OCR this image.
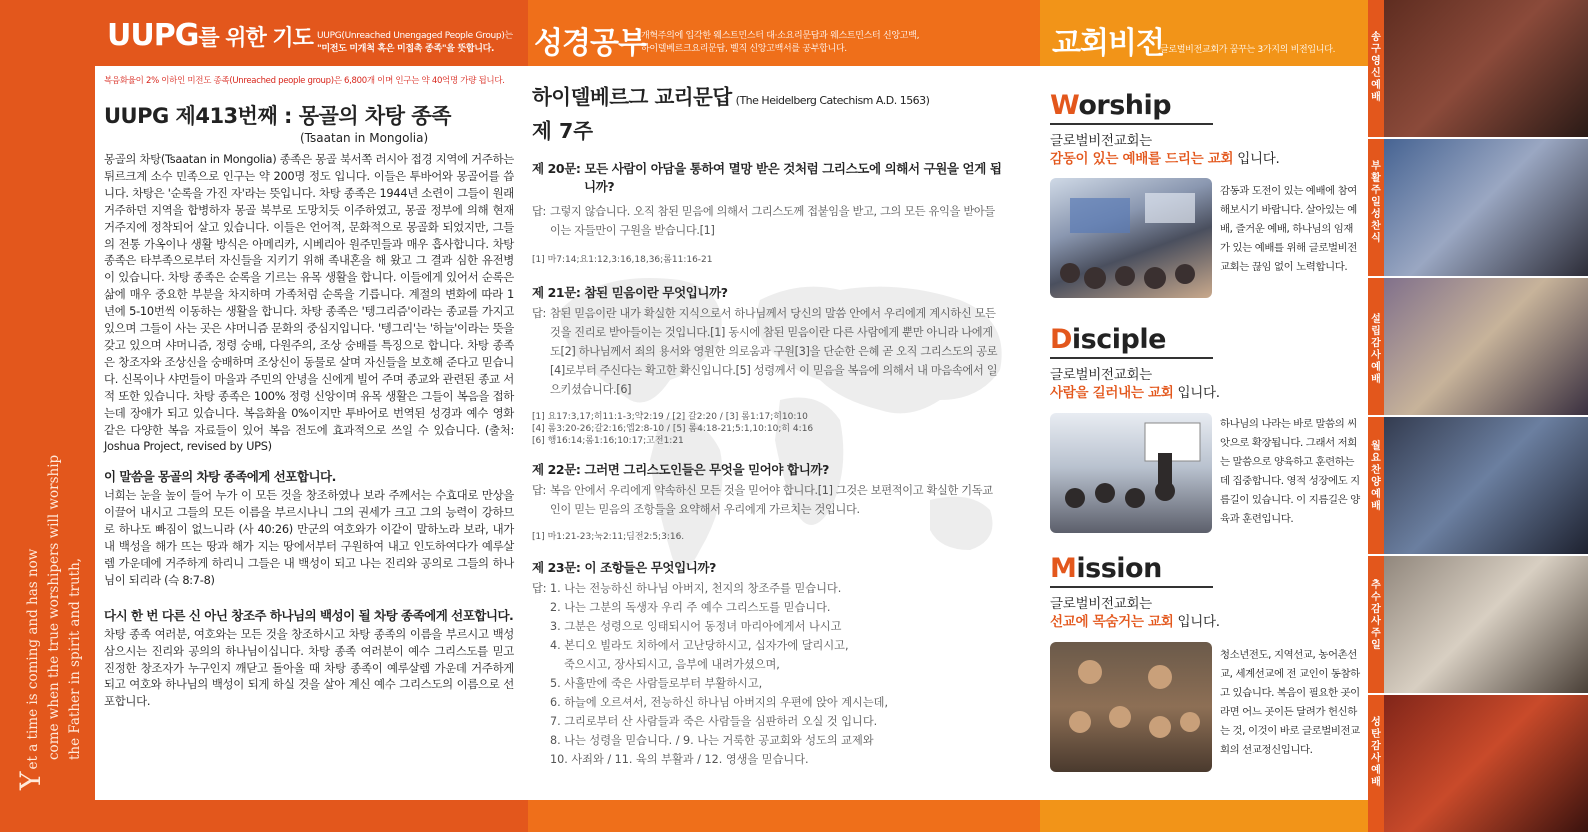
Yet a time is coming and has now come when the true worshipers will worship the Father in spirit and truth,
UUPG를 위한 기도 UUPG(Unreached Unengaged People Group)는
"미전도 미개척 혹은 미접촉 종족"을 뜻합니다.	성경공부
개혁주의에 입각한 웨스트민스터 대·소요리문답과 웨스트민스터 신앙고백,
하이델베르크요리문답, 벨직 신앙고백서를 공부합니다.	교회비전
글로벌비전교회가 꿈꾸는 3가지의 비전입니다.
복음화율이 2% 이하인 미전도 종족(Unreached people group)은 6,800개 이며 인구는 약 40억명 가량 됩니다.
UUPG 제413번째 : 몽골의 차탕 종족
(Tsaatan in Mongolia)
몽골의 차탕(Tsaatan in Mongolia) 종족은 몽골 북서쪽 러시아 접경 지역에 거주하는 튀르크계 소수 민족으로 인구는 약 200명 정도 입니다. 이들은 투바어와 몽골어를 씁니다. 차탕은 '순록을 가진 자'라는 뜻입니다. 차탕 종족은 1944년 소련이 그들이 원래 거주하던 지역을 합병하자 몽골 북부로 도망치듯 이주하였고, 몽골 정부에 의해 현재 거주지에 정착되어 살고 있습니다. 이들은 언어적, 문화적으로 몽골화 되었지만, 그들의 전통 가옥이나 생활 방식은 아메리카, 시베리아 원주민들과 매우 흡사합니다. 차탕 종족은 타부족으로부터 자신들을 지키기 위해 족내혼을 해 왔고 그 결과 심한 유전병이 있습니다. 차탕 종족은 순록을 기르는 유목 생활을 합니다. 이들에게 있어서 순록은 삶에 매우 중요한 부분을 차지하며 가족처럼 순록을 기릅니다. 계절의 변화에 따라 1년에 5-10번씩 이동하는 생활을 합니다. 차탕 종족은 '텡그리즘'이라는 종교를 가지고 있으며 그들이 사는 곳은 샤머니즘 문화의 중심지입니다. '텡그리'는 '하늘'이라는 뜻을 갖고 있으며 샤머니즘, 정령 숭배, 다원주의, 조상 숭배를 특징으로 합니다. 차탕 종족은 창조자와 조상신을 숭배하며 조상신이 동물로 살며 자신들을 보호해 준다고 믿습니다. 신목이나 샤먼들이 마을과 주민의 안녕을 신에게 빌어 주며 종교와 관련된 종교 서적 또한 있습니다. 차탕 종족은 100% 정령 신앙이며 유목 생활은 그들이 복음을 접하는데 장애가 되고 있습니다. 복음화율 0%이지만 투바어로 번역된 성경과 예수 영화 같은 다양한 복음 자료들이 있어 복음 전도에 효과적으로 쓰일 수 있습니다. (출처: Joshua Project, revised by UPS)
이 말씀을 몽골의 차탕 종족에게 선포합니다.
너희는 눈을 높이 들어 누가 이 모든 것을 창조하였나 보라 주께서는 수효대로 만상을 이끌어 내시고 그들의 모든 이름을 부르시나니 그의 권세가 크고 그의 능력이 강하므로 하나도 빠짐이 없느니라 (사 40:26) 만군의 여호와가 이같이 말하노라 보라, 내가 내 백성을 해가 뜨는 땅과 해가 지는 땅에서부터 구원하여 내고 인도하여다가 예루살렘 가운데에 거주하게 하리니 그들은 내 백성이 되고 나는 진리와 공의로 그들의 하나님이 되리라 (슥 8:7-8)
다시 한 번 다른 신 아닌 창조주 하나님의 백성이 될 차탕 종족에게 선포합니다.
차탕 종족 여러분, 여호와는 모든 것을 창조하시고 차탕 종족의 이름을 부르시고 백성 삼으시는 진리와 공의의 하나님이십니다. 차탕 종족 여러분이 예수 그리스도를 믿고 진정한 창조자가 누구인지 깨닫고 돌아올 때 차탕 종족이 예루살렘 가운데 거주하게 되고 여호와 하나님의 백성이 되게 하실 것을 살아 계신 예수 그리스도의 이름으로 선포합니다.
하이델베르그 교리문답 (The Heidelberg Catechism A.D. 1563)
제 7주
제 20문: 모든 사람이 아담을 통하여 멸망 받은 것처럼 그리스도에 의해서 구원을 얻게 됩니까?
답: 그렇지 않습니다. 오직 참된 믿음에 의해서 그리스도께 접붙임을 받고, 그의 모든 유익을 받아들이는 자들만이 구원을 받습니다.[1]
[1] 마7:14;요1:12,3:16,18,36;롬11:16-21
제 21문: 참된 믿음이란 무엇입니까?
답: 참된 믿음이란 내가 확실한 지식으로서 하나님께서 당신의 말씀 안에서 우리에게 계시하신 모든 것을 진리로 받아들이는 것입니다.[1] 동시에 참된 믿음이란 다른 사람에게 뿐만 아니라 나에게도[2] 하나님께서 죄의 용서와 영원한 의로움과 구원[3]을 단순한 은혜 곧 오직 그리스도의 공로[4]로부터 주신다는 확고한 확신입니다.[5] 성령께서 이 믿음을 복음에 의해서 내 마음속에서 일으키셨습니다.[6]
[1] 요17:3,17;히11:1-3;약2:19 / [2] 갈2:20 / [3] 롬1:17;히10:10
[4] 롬3:20-26;갈2:16;엡2:8-10 / [5] 롬4:18-21;5:1,10:10;히 4:16
[6] 행16:14;롬1:16;10:17;고전1:21
제 22문: 그러면 그리스도인들은 무엇을 믿어야 합니까?
답: 복음 안에서 우리에게 약속하신 모든 것을 믿어야 합니다.[1] 그것은 보편적이고 확실한 기독교인이 믿는 믿음의 조항들을 요약해서 우리에게 가르치는 것입니다.
[1] 마1:21-23;눅2:11;딤전2:5;3:16.
제 23문: 이 조항들은 무엇입니까?
답: 1. 나는 전능하신 하나님 아버지, 천지의 창조주를 믿습니다.
2. 나는 그분의 독생자 우리 주 예수 그리스도를 믿습니다.
3. 그분은 성령으로 잉태되시어 동정녀 마리아에게서 나시고
4. 본디오 빌라도 치하에서 고난당하시고, 십자가에 달리시고,
죽으시고, 장사되시고, 음부에 내려가셨으며,
5. 사흘만에 죽은 사람들로부터 부활하시고,
6. 하늘에 오르셔서, 전능하신 하나님 아버지의 우편에 앉아 계시는데,
7. 그리로부터 산 사람들과 죽은 사람들을 심판하러 오실 것 입니다.
8. 나는 성령을 믿습니다. / 9. 나는 거룩한 공교회와 성도의 교제와
10. 사죄와 / 11. 육의 부활과 / 12. 영생을 믿습니다.
Worship
글로벌비전교회는
감동이 있는 예배를 드리는 교회 입니다.
감동과 도전이 있는 예배에 참여해보시기 바랍니다. 살아있는 예배, 즐거운 예배, 하나님의 임재가 있는 예배를 위해 글로벌비전교회는 끊임 없이 노력합니다.
Disciple
글로벌비전교회는
사람을 길러내는 교회 입니다.
하나님의 나라는 바로 말씀의 씨앗으로 확장됩니다. 그래서 저희는 말씀으로 양육하고 훈련하는데 집중합니다. 영적 성장에도 지름길이 있습니다. 이 지름길은 양육과 훈련입니다.
Mission
글로벌비전교회는
선교에 목숨거는 교회 입니다.
청소년전도, 지역선교, 농어촌선교, 세계선교에 전 교인이 동참하고 있습니다. 복음이 필요한 곳이라면 어느 곳이든 달려가 헌신하는 것, 이것이 바로 글로벌비전교회의 선교정신입니다.
송
구
영
신
예
배
부
활
주
일
성
찬
식
설
립
감
사
예
배
월
요
찬
양
예
배
추
수
감
사
주
일
성
탄
감
사
예
배
